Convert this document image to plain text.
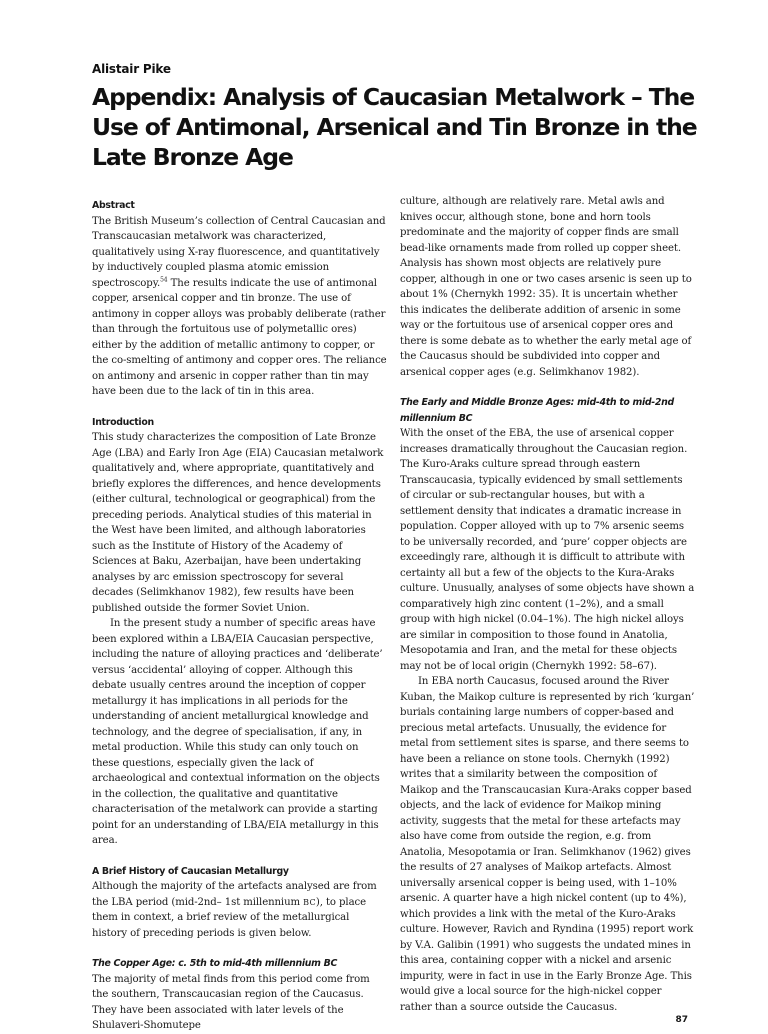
Alistair Pike
Appendix: Analysis of Caucasian Metalwork – The Use of Antimonal, Arsenical and Tin Bronze in the Late Bronze Age

Abstract

The British Museum’s collection of Central Caucasian and Transcaucasian metalwork was characterized, qualitatively using X-ray fluorescence, and quantitatively by inductively coupled plasma atomic emission spectroscopy.$^{54}$ The results indicate the use of antimonal copper, arsenical copper and tin bronze. The use of antimony in copper alloys was probably deliberate (rather than through the fortuitous use of polymetallic ores) either by the addition of metallic antimony to copper, or the co-smelting of antimony and copper ores. The reliance on antimony and arsenic in copper rather than tin may have been due to the lack of tin in this area.

Introduction

This study characterizes the composition of Late Bronze Age (LBA) and Early Iron Age (EIA) Caucasian metalwork qualitatively and, where appropriate, quantitatively and briefly explores the differences, and hence developments (either cultural, technological or geographical) from the preceding periods. Analytical studies of this material in the West have been limited, and although laboratories such as the Institute of History of the Academy of Sciences at Baku, Azerbaijan, have been undertaking analyses by arc emission spectroscopy for several decades (Selimkhanov 1982), few results have been published outside the former Soviet Union.

In the present study a number of specific areas have been explored within a LBA/EIA Caucasian perspective, including the nature of alloying practices and ‘deliberate’ versus ‘accidental’ alloying of copper. Although this debate usually centres around the inception of copper metallurgy it has implications in all periods for the understanding of ancient metallurgical knowledge and technology, and the degree of specialisation, if any, in metal production. While this study can only touch on these questions, especially given the lack of archaeological and contextual information on the objects in the collection, the qualitative and quantitative characterisation of the metalwork can provide a starting point for an understanding of LBA/EIA metallurgy in this area.

A Brief History of Caucasian Metallurgy

Although the majority of the artefacts analysed are from the LBA period (mid-2nd– 1st millennium BC), to place them in context, a brief review of the metallurgical history of preceding periods is given below.

The Copper Age: c. 5th to mid-4th millennium BC

The majority of metal finds from this period come from the southern, Transcaucasian region of the Caucasus. They have been associated with later levels of the Shulaveri-Shomutepe

culture, although are relatively rare. Metal awls and knives occur, although stone, bone and horn tools predominate and the majority of copper finds are small bead-like ornaments made from rolled up copper sheet. Analysis has shown most objects are relatively pure copper, although in one or two cases arsenic is seen up to about 1% (Chernykh 1992: 35). It is uncertain whether this indicates the deliberate addition of arsenic in some way or the fortuitous use of arsenical copper ores and there is some debate as to whether the early metal age of the Caucasus should be subdivided into copper and arsenical copper ages (e.g. Selimkhanov 1982).

The Early and Middle Bronze Ages: mid-4th to mid-2nd millennium BC

With the onset of the EBA, the use of arsenical copper increases dramatically throughout the Caucasian region. The Kuro-Araks culture spread through eastern Transcaucasia, typically evidenced by small settlements of circular or sub-rectangular houses, but with a settlement density that indicates a dramatic increase in population. Copper alloyed with up to 7% arsenic seems to be universally recorded, and ‘pure’ copper objects are exceedingly rare, although it is difficult to attribute with certainty all but a few of the objects to the Kura-Araks culture. Unusually, analyses of some objects have shown a comparatively high zinc content (1–2%), and a small group with high nickel (0.04–1%). The high nickel alloys are similar in composition to those found in Anatolia, Mesopotamia and Iran, and the metal for these objects may not be of local origin (Chernykh 1992: 58–67).

In EBA north Caucasus, focused around the River Kuban, the Maikop culture is represented by rich ‘kurgan’ burials containing large numbers of copper-based and precious metal artefacts. Unusually, the evidence for metal from settlement sites is sparse, and there seems to have been a reliance on stone tools. Chernykh (1992) writes that a similarity between the composition of Maikop and the Transcaucasian Kura-Araks copper based objects, and the lack of evidence for Maikop mining activity, suggests that the metal for these artefacts may also have come from outside the region, e.g. from Anatolia, Mesopotamia or Iran. Selimkhanov (1962) gives the results of 27 analyses of Maikop artefacts. Almost universally arsenical copper is being used, with 1–10% arsenic. A quarter have a high nickel content (up to 4%), which provides a link with the metal of the Kuro-Araks culture. However, Ravich and Ryndina (1995) report work by V.A. Galibin (1991) who suggests the undated mines in this area, containing copper with a nickel and arsenic impurity, were in fact in use in the Early Bronze Age. This would give a local source for the high-nickel copper rather than a source outside the Caucasus.

87
